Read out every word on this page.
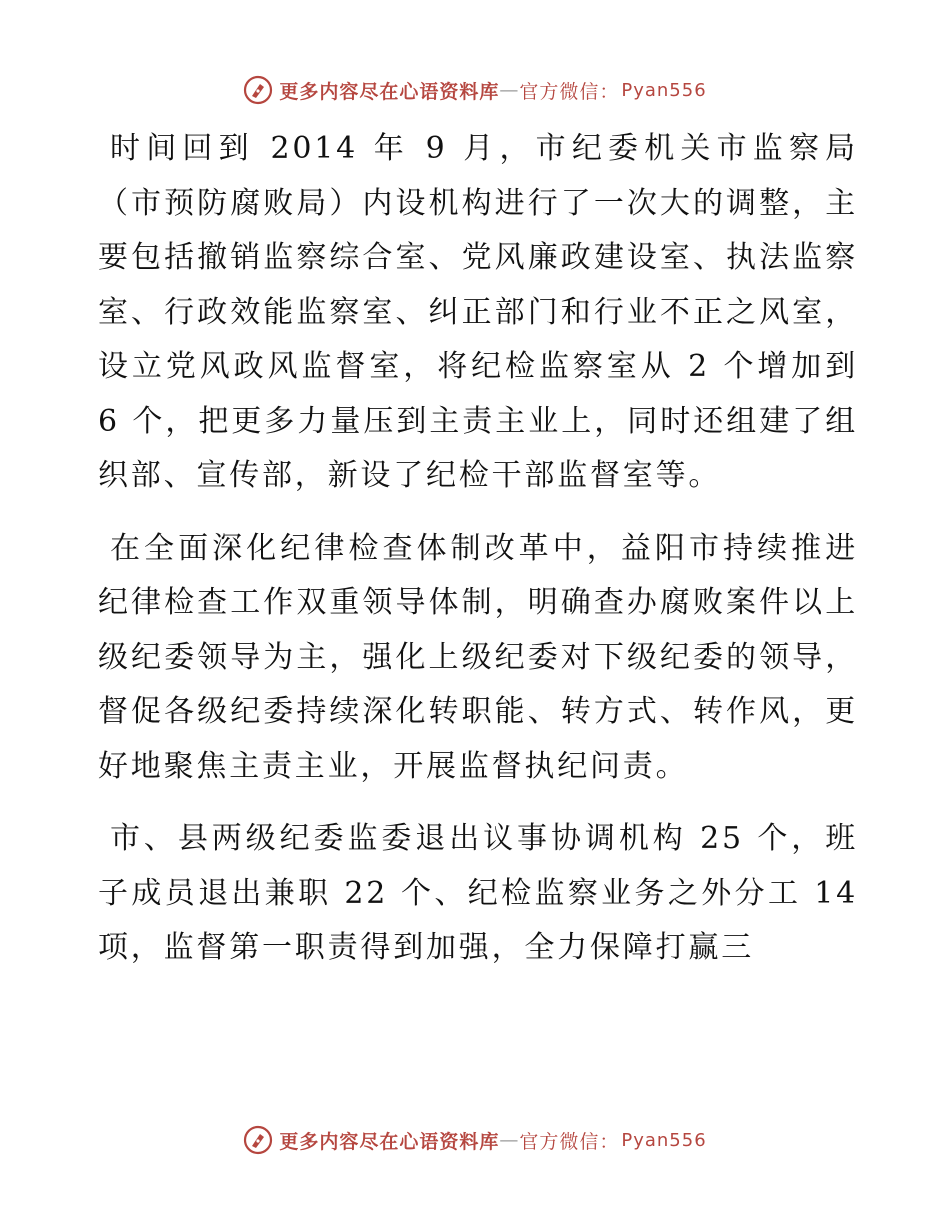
更多内容尽在心语资料库 — 官方微信： Pyan556

时间回到 2014 年 9 月，市纪委机关市监察局（市预防腐败局）内设机构进行了一次大的调整，主要包括撤销监察综合室、党风廉政建设室、执法监察室、行政效能监察室、纠正部门和行业不正之风室，设立党风政风监督室，将纪检监察室从 2 个增加到 6 个，把更多力量压到主责主业上，同时还组建了组织部、宣传部，新设了纪检干部监督室等。

在全面深化纪律检查体制改革中，益阳市持续推进纪律检查工作双重领导体制，明确查办腐败案件以上级纪委领导为主，强化上级纪委对下级纪委的领导，督促各级纪委持续深化转职能、转方式、转作风，更好地聚焦主责主业，开展监督执纪问责。

市、县两级纪委监委退出议事协调机构 25 个，班子成员退出兼职 22 个、纪检监察业务之外分工 14 项，监督第一职责得到加强，全力保障打赢三

更多内容尽在心语资料库 — 官方微信： Pyan556
